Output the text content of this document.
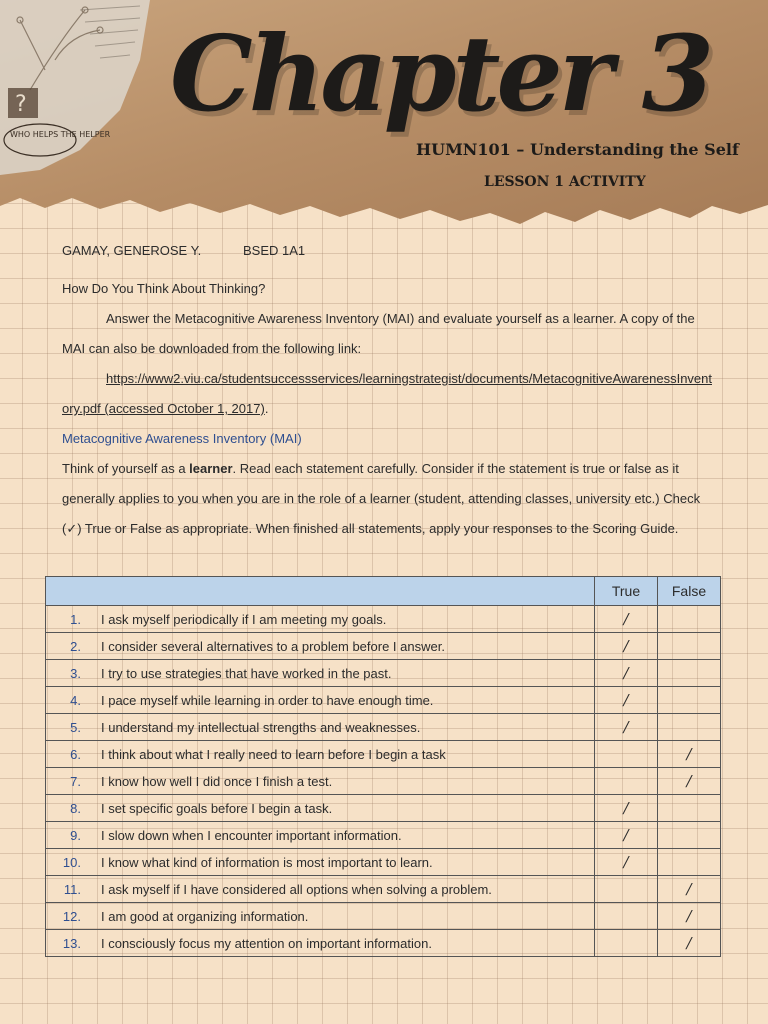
?
WHO HELPS THE HELPER Chapter 3

HUMN101 – Understanding the Self

LESSON 1 ACTIVITY

GAMAY, GENEROSE Y.	BSED 1A1

How Do You Think About Thinking?

Answer the Metacognitive Awareness Inventory (MAI) and evaluate yourself as a learner. A copy of the MAI can also be downloaded from the following link:

https://www2.viu.ca/studentsuccessservices/learningstrategist/documents/MetacognitiveAwarenessInventory.pdf (accessed October 1, 2017).

Metacognitive Awareness Inventory (MAI)

Think of yourself as a learner. Read each statement carefully. Consider if the statement is true or false as it generally applies to you when you are in the role of a learner (student, attending classes, university etc.) Check (✓) True or False as appropriate. When finished all statements, apply your responses to the Scoring Guide.

		True	False
1.	I ask myself periodically if I am meeting my goals.	/	
2.	I consider several alternatives to a problem before I answer.	/	
3.	I try to use strategies that have worked in the past.	/	
4.	I pace myself while learning in order to have enough time.	/	
5.	I understand my intellectual strengths and weaknesses.	/	
6.	I think about what I really need to learn before I begin a task		/
7.	I know how well I did once I finish a test.		/
8.	I set specific goals before I begin a task.	/	
9.	I slow down when I encounter important information.	/	
10.	I know what kind of information is most important to learn.	/	
11.	I ask myself if I have considered all options when solving a problem.		/
12.	I am good at organizing information.		/
13.	I consciously focus my attention on important information.		/
